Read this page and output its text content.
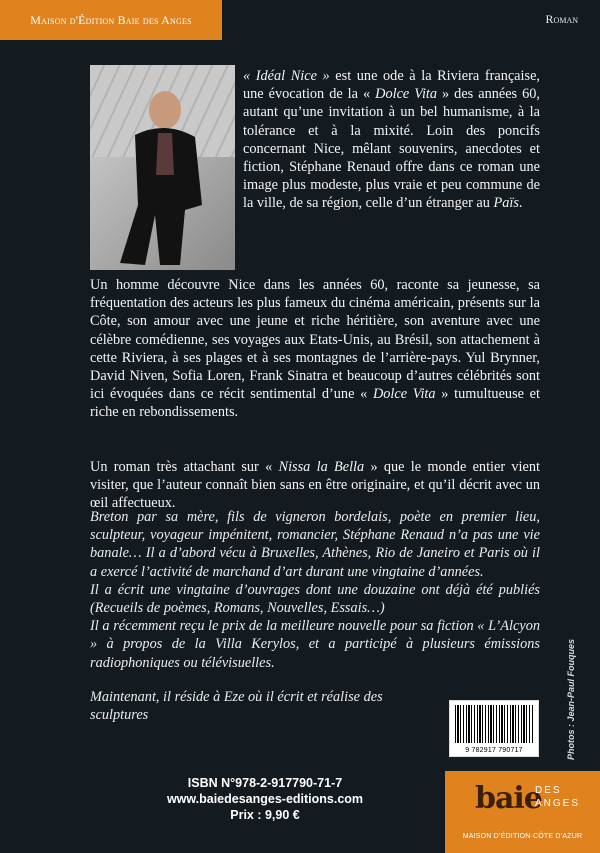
Maison d'Édition Baie des Anges	Roman
« Idéal Nice » est une ode à la Riviera française, une évocation de la « Dolce Vita » des années 60, autant qu’une invitation à un bel humanisme, à la tolérance et à la mixité. Loin des poncifs concernant Nice, mêlant souvenirs, anecdotes et fiction, Stéphane Renaud offre dans ce roman une image plus modeste, plus vraie et peu commune de la ville, de sa région, celle d’un étranger au Païs.
Un homme découvre Nice dans les années 60, raconte sa jeunesse, sa fréquentation des acteurs les plus fameux du cinéma américain, présents sur la Côte, son amour avec une jeune et riche héritière, son aventure avec une célèbre comédienne, ses voyages aux Etats-Unis, au Brésil, son attachement à cette Riviera, à ses plages et à ses montagnes de l’arrière-pays. Yul Brynner, David Niven, Sofia Loren, Frank Sinatra et beaucoup d’autres célébrités sont ici évoquées dans ce récit sentimental d’une « Dolce Vita » tumultueuse et riche en rebondissements.
Un roman très attachant sur « Nissa la Bella » que le monde entier vient visiter, que l’auteur connaît bien sans en être originaire, et qu’il décrit avec un œil affectueux.

Breton par sa mère, fils de vigneron bordelais, poète en premier lieu, sculpteur, voyageur impénitent, romancier, Stéphane Renaud n’a pas une vie banale… Il a d’abord vécu à Bruxelles, Athènes, Rio de Janeiro et Paris où il a exercé l’activité de marchand d’art durant une vingtaine d’années.

Il a écrit une vingtaine d’ouvrages dont une douzaine ont déjà été publiés (Recueils de poèmes, Romans, Nouvelles, Essais…)

Il a récemment reçu le prix de la meilleure nouvelle pour sa fiction « L’Alcyon » à propos de la Villa Kerylos, et a participé à plusieurs émissions radiophoniques ou télévisuelles.

Maintenant, il réside à Eze où il écrit et réalise des sculptures
9 782917 790717	Photos : Jean-Paul Fouques
ISBN N°978-2-917790-71-7
www.baiedesanges-editions.com
Prix : 9,90 €	baie
DES
ANGES
MAISON D’ÉDITION·CÔTE D’AZUR
